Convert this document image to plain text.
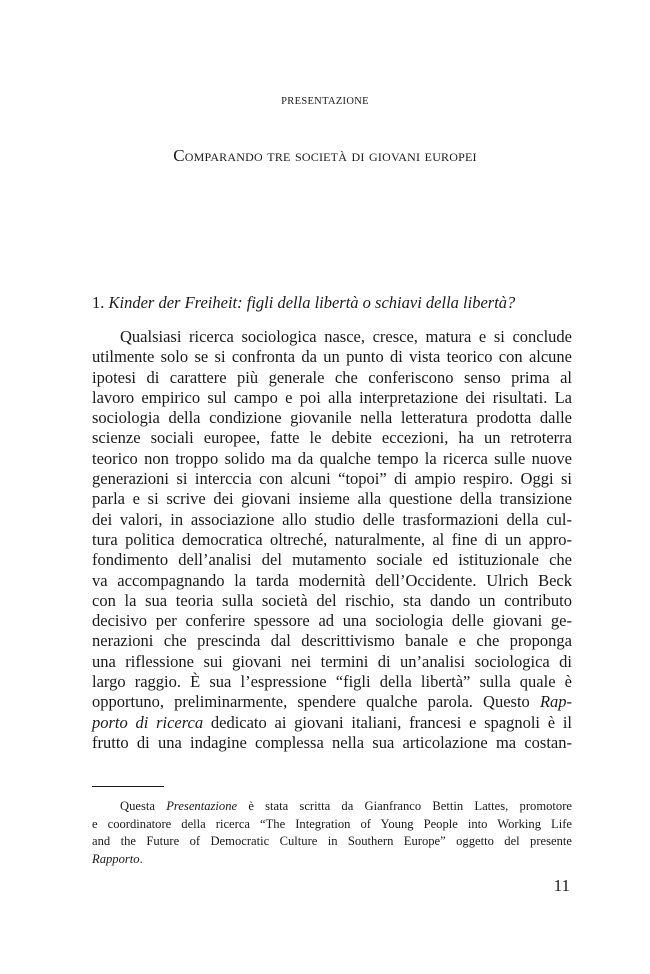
PRESENTAZIONE
Comparando tre società di giovani europei
1. Kinder der Freiheit: figli della libertà o schiavi della libertà?
Qualsiasi ricerca sociologica nasce, cresce, matura e si conclude
utilmente solo se si confronta da un punto di vista teorico con alcune
ipotesi di carattere più generale che conferiscono senso prima al
lavoro empirico sul campo e poi alla interpretazione dei risultati. La
sociologia della condizione giovanile nella letteratura prodotta dalle
scienze sociali europee, fatte le debite eccezioni, ha un retroterra
teorico non troppo solido ma da qualche tempo la ricerca sulle nuove
generazioni si interccia con alcuni “topoi” di ampio respiro. Oggi si
parla e si scrive dei giovani insieme alla questione della transizione
dei valori, in associazione allo studio delle trasformazioni della cul-
tura politica democratica oltreché, naturalmente, al fine di un appro-
fondimento dell’analisi del mutamento sociale ed istituzionale che
va accompagnando la tarda modernità dell’Occidente. Ulrich Beck
con la sua teoria sulla società del rischio, sta dando un contributo
decisivo per conferire spessore ad una sociologia delle giovani ge-
nerazioni che prescinda dal descrittivismo banale e che proponga
una riflessione sui giovani nei termini di un’analisi sociologica di
largo raggio. È sua l’espressione “figli della libertà” sulla quale è
opportuno, preliminarmente, spendere qualche parola. Questo Rap-
porto di ricerca dedicato ai giovani italiani, francesi e spagnoli è il
frutto di una indagine complessa nella sua articolazione ma costan-
Questa Presentazione è stata scritta da Gianfranco Bettin Lattes, promotore
e coordinatore della ricerca “The Integration of Young People into Working Life
and the Future of Democratic Culture in Southern Europe” oggetto del presente
Rapporto.
11
